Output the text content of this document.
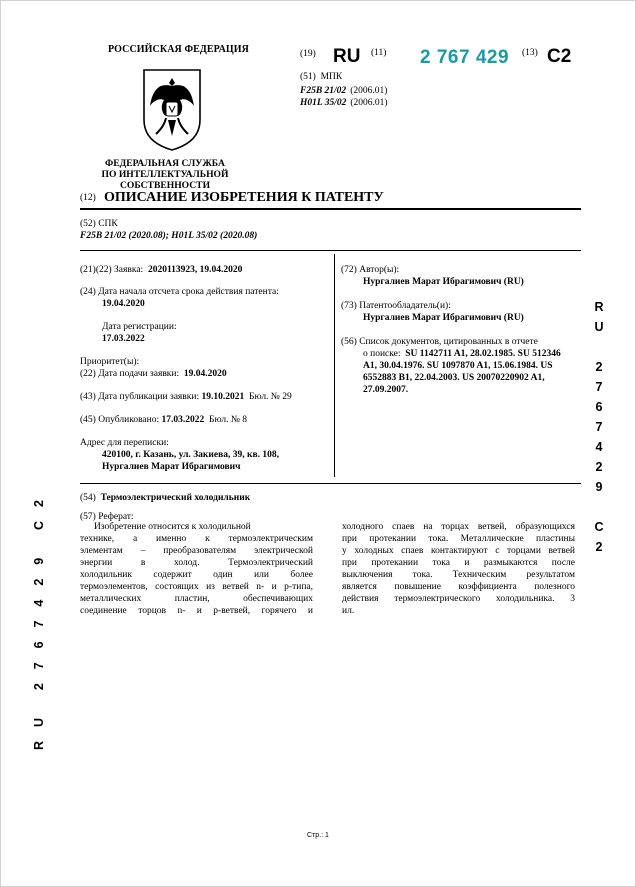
РОССИЙСКАЯ ФЕДЕРАЦИЯ
ФЕДЕРАЛЬНАЯ СЛУЖБА
ПО ИНТЕЛЛЕКТУАЛЬНОЙ СОБСТВЕННОСТИ
(19) RU (11) 2 767 429 (13) C2
(51) МПК
F25B 21/02 (2006.01)
H01L 35/02 (2006.01)
(12) ОПИСАНИЕ ИЗОБРЕТЕНИЯ К ПАТЕНТУ
(52) СПК
F25B 21/02 (2020.08); H01L 35/02 (2020.08)
(21)(22) Заявка: 2020113923, 19.04.2020
(24) Дата начала отсчета срока действия патента:
19.04.2020
Дата регистрации:
17.03.2022
Приоритет(ы):
(22) Дата подачи заявки: 19.04.2020
(43) Дата публикации заявки: 19.10.2021 Бюл. № 29
(45) Опубликовано: 17.03.2022 Бюл. № 8
Адрес для переписки:
420100, г. Казань, ул. Закиева, 39, кв. 108,
Нургалиев Марат Ибрагимович
(72) Автор(ы):
Нургалиев Марат Ибрагимович (RU)
(73) Патентообладатель(и):
Нургалиев Марат Ибрагимович (RU)
(56) Список документов, цитированных в отчете
о поиске: SU 1142711 A1, 28.02.1985. SU 512346
A1, 30.04.1976. SU 1097870 A1, 15.06.1984. US
6552883 B1, 22.04.2003. US 20070220902 A1,
27.09.2007.
(54) Термоэлектрический холодильник
(57) Реферат:
Изобретение относится к холодильной
технике, а именно к термоэлектрическим
элементам – преобразователям электрической
энергии в холод. Термоэлектрический
холодильник содержит один или более
термоэлементов, состоящих из ветвей n- и p-типа,
металлических пластин, обеспечивающих
соединение торцов n- и p-ветвей, горячего и
холодного спаев на торцах ветвей, образующихся
при протекании тока. Металлические пластины
у холодных спаев контактируют с торцами ветвей
при протекании тока и размыкаются после
выключения тока. Техническим результатом
является повышение коэффициента полезного
действия термоэлектрического холодильника. 3
ил.
R
U
2
7
6
7
4
2
9
C
2
R
U
2
7
6
7
4
2
9
C
2
Стр.: 1
